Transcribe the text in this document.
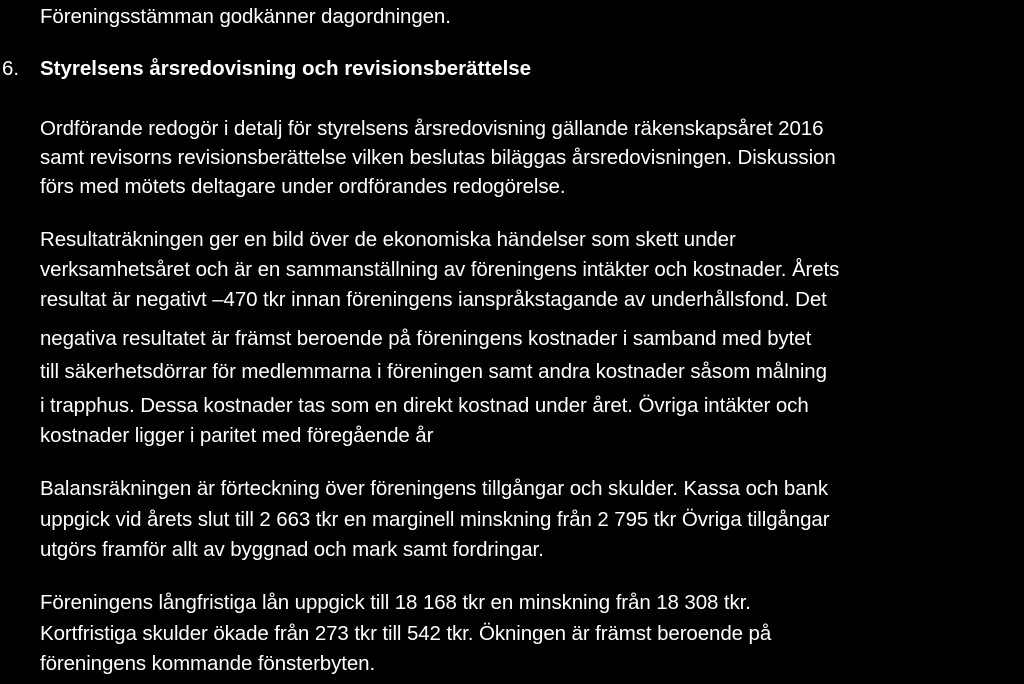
Föreningsstämman godkänner dagordningen.
6. Styrelsens årsredovisning och revisionsberättelse
Ordförande redogör i detalj för styrelsens årsredovisning gällande räkenskapsåret 2016
samt revisorns revisionsberättelse vilken beslutas biläggas årsredovisningen. Diskussion
förs med mötets deltagare under ordförandes redogörelse.
Resultaträkningen ger en bild över de ekonomiska händelser som skett under
verksamhetsåret och är en sammanställning av föreningens intäkter och kostnader. Årets
resultat är negativt –470 tkr innan föreningens ianspråkstagande av underhållsfond. Det
negativa resultatet är främst beroende på föreningens kostnader i samband med bytet
till säkerhetsdörrar för medlemmarna i föreningen samt andra kostnader såsom målning
i trapphus. Dessa kostnader tas som en direkt kostnad under året. Övriga intäkter och
kostnader ligger i paritet med föregående år
Balansräkningen är förteckning över föreningens tillgångar och skulder. Kassa och bank
uppgick vid årets slut till 2 663 tkr en marginell minskning från 2 795 tkr Övriga tillgångar
utgörs framför allt av byggnad och mark samt fordringar.
Föreningens långfristiga lån uppgick till 18 168 tkr en minskning från 18 308 tkr.
Kortfristiga skulder ökade från 273 tkr till 542 tkr. Ökningen är främst beroende på
föreningens kommande fönsterbyten.
